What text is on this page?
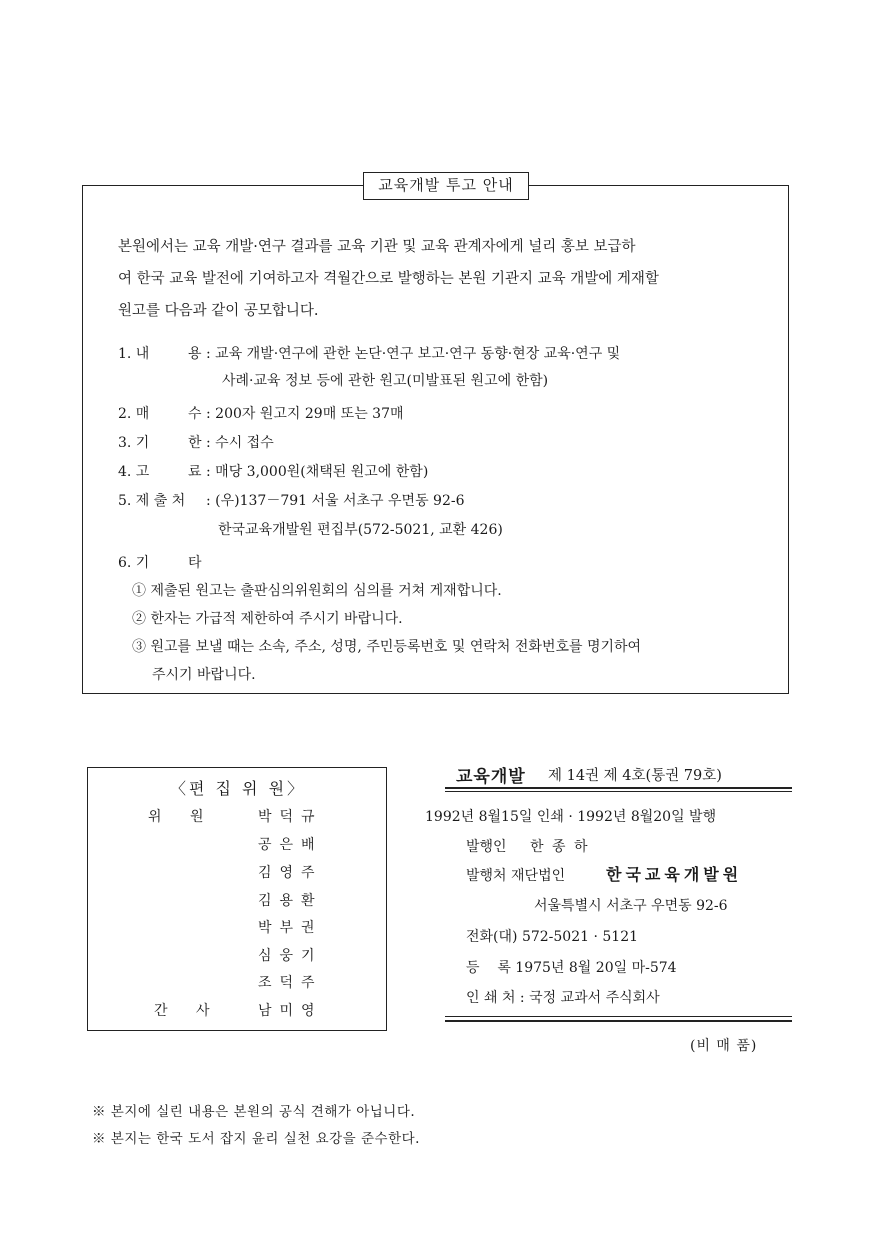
교육개발 투고 안내
본원에서는 교육 개발·연구 결과를 교육 기관 및 교육 관계자에게 널리 홍보 보급하
여 한국 교육 발전에 기여하고자 격월간으로 발행하는 본원 기관지 교육 개발에 게재할
원고를 다음과 같이 공모합니다.
1. 내	용 : 교육 개발·연구에 관한 논단·연구 보고·연구 동향·현장 교육·연구 및
사례·교육 정보 등에 관한 원고(미발표된 원고에 한함)
2. 매	수 : 200자 원고지 29매 또는 37매
3. 기	한 : 수시 접수
4. 고	료 : 매당 3,000원(채택된 원고에 한함)
5. 제 출 처 : (우)137－791 서울 서초구 우면동 92-6
한국교육개발원 편집부(572-5021, 교환 426)
6. 기	타
① 제출된 원고는 출판심의위원회의 심의를 거쳐 게재합니다.
② 한자는 가급적 제한하여 주시기 바랍니다.
③ 원고를 보낼 때는 소속, 주소, 성명, 주민등록번호 및 연락처 전화번호를 명기하여
주시기 바랍니다.
〈편 집 위 원〉
위 원	박덕규
공은배
김영주
김용환
박부권
심웅기
조덕주
간 사	남미영
교육개발 제 14권 제 4호(통권 79호)
1992년 8월15일 인쇄 · 1992년 8월20일 발행
발행인 한 종 하
발행처 재단법인	한국교육개발원
서울특별시 서초구 우면동 92-6
전화(대) 572-5021 · 5121
등    록 1975년 8월 20일 마-574
인 쇄 처 : 국정 교과서 주식회사
(비 매 품)
※ 본지에 실린 내용은 본원의 공식 견해가 아닙니다.
※ 본지는 한국 도서 잡지 윤리 실천 요강을 준수한다.
